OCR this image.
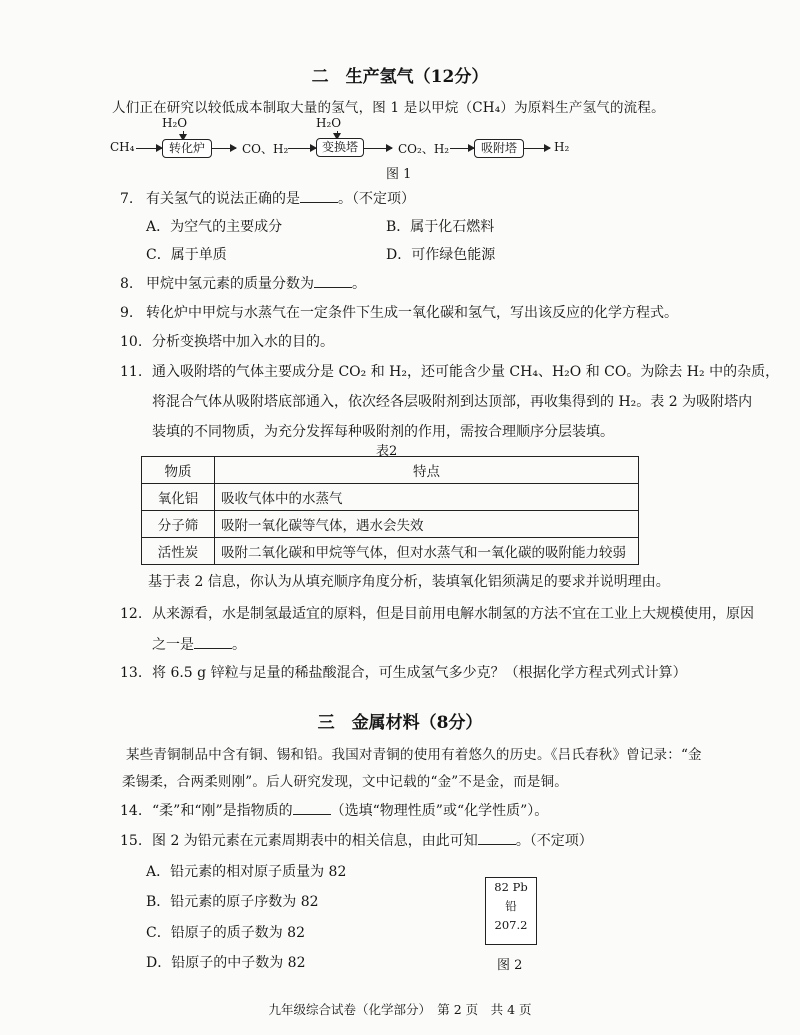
二　生产氢气（12分）
人们正在研究以较低成本制取大量的氢气，图 1 是以甲烷（CH₄）为原料生产氢气的流程。
CH₄
H₂O
转化炉	CO、H₂
H₂O
变换塔	CO₂、H₂	吸附塔	H₂
图 1
7. 有关氢气的说法正确的是	。（不定项）
A．为空气的主要成分	B．属于化石燃料
C．属于单质	D．可作绿色能源
8. 甲烷中氢元素的质量分数为	。
9. 转化炉中甲烷与水蒸气在一定条件下生成一氧化碳和氢气，写出该反应的化学方程式。
10. 分析变换塔中加入水的目的。
11. 通入吸附塔的气体主要成分是 CO₂ 和 H₂，还可能含少量 CH₄、H₂O 和 CO。为除去 H₂ 中的杂质，
将混合气体从吸附塔底部通入，依次经各层吸附剂到达顶部，再收集得到的 H₂。表 2 为吸附塔内
装填的不同物质，为充分发挥每种吸附剂的作用，需按合理顺序分层装填。
表2
物质	特点
氧化铝	吸收气体中的水蒸气
分子筛	吸附一氧化碳等气体，遇水会失效
活性炭	吸附二氧化碳和甲烷等气体，但对水蒸气和一氧化碳的吸附能力较弱
基于表 2 信息，你认为从填充顺序角度分析，装填氧化铝须满足的要求并说明理由。
12. 从来源看，水是制氢最适宜的原料，但是目前用电解水制氢的方法不宜在工业上大规模使用，原因
之一是	。
13. 将 6.5 g 锌粒与足量的稀盐酸混合，可生成氢气多少克？（根据化学方程式列式计算）
三　金属材料（8分）
某些青铜制品中含有铜、锡和铅。我国对青铜的使用有着悠久的历史。《吕氏春秋》曾记录：“金
柔锡柔，合两柔则刚”。后人研究发现，文中记载的“金”不是金，而是铜。
14. “柔”和“刚”是指物质的	（选填“物理性质”或“化学性质”）。
15. 图 2 为铅元素在元素周期表中的相关信息，由此可知	。（不定项）
A．铅元素的相对原子质量为 82
B．铅元素的原子序数为 82
C．铅原子的质子数为 82
D．铅原子的中子数为 82
82 Pb
铅
207.2
图 2
九年级综合试卷（化学部分）　第 2 页　共 4 页
